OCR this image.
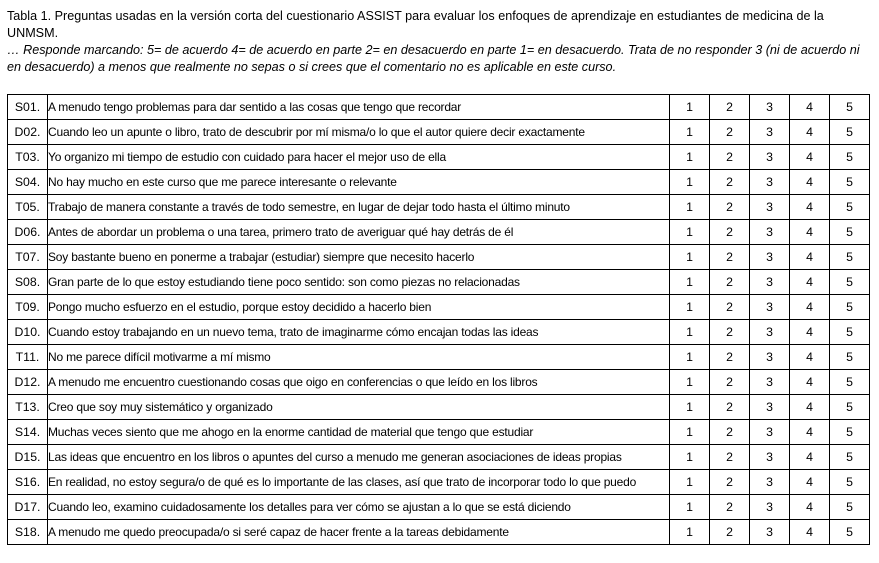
Tabla 1. Preguntas usadas en la versión corta del cuestionario ASSIST para evaluar los enfoques de aprendizaje en estudiantes de medicina de la UNMSM.

… Responde marcando: 5= de acuerdo 4= de acuerdo en parte 2= en desacuerdo en parte 1= en desacuerdo. Trata de no responder 3 (ni de acuerdo ni en desacuerdo) a menos que realmente no sepas o si crees que el comentario no es aplicable en este curso.

S01.	A menudo tengo problemas para dar sentido a las cosas que tengo que recordar	1	2	3	4	5
D02.	Cuando leo un apunte o libro, trato de descubrir por mí misma/o lo que el autor quiere decir exactamente	1	2	3	4	5
T03.	Yo organizo mi tiempo de estudio con cuidado para hacer el mejor uso de ella	1	2	3	4	5
S04.	No hay mucho en este curso que me parece interesante o relevante	1	2	3	4	5
T05.	Trabajo de manera constante a través de todo semestre, en lugar de dejar todo hasta el último minuto	1	2	3	4	5
D06.	Antes de abordar un problema o una tarea, primero trato de averiguar qué hay detrás de él	1	2	3	4	5
T07.	Soy bastante bueno en ponerme a trabajar (estudiar) siempre que necesito hacerlo	1	2	3	4	5
S08.	Gran parte de lo que estoy estudiando tiene poco sentido: son como piezas no relacionadas	1	2	3	4	5
T09.	Pongo mucho esfuerzo en el estudio, porque estoy decidido a hacerlo bien	1	2	3	4	5
D10.	Cuando estoy trabajando en un nuevo tema, trato de imaginarme cómo encajan todas las ideas	1	2	3	4	5
T11.	No me parece difícil motivarme a mí mismo	1	2	3	4	5
D12.	A menudo me encuentro cuestionando cosas que oigo en conferencias o que leído en los libros	1	2	3	4	5
T13.	Creo que soy muy sistemático y organizado	1	2	3	4	5
S14.	Muchas veces siento que me ahogo en la enorme cantidad de material que tengo que estudiar	1	2	3	4	5
D15.	Las ideas que encuentro en los libros o apuntes del curso a menudo me generan asociaciones de ideas propias	1	2	3	4	5
S16.	En realidad, no estoy segura/o de qué es lo importante de las clases, así que trato de incorporar todo lo que puedo	1	2	3	4	5
D17.	Cuando leo, examino cuidadosamente los detalles para ver cómo se ajustan a lo que se está diciendo	1	2	3	4	5
S18.	A menudo me quedo preocupada/o si seré capaz de hacer frente a la tareas debidamente	1	2	3	4	5
